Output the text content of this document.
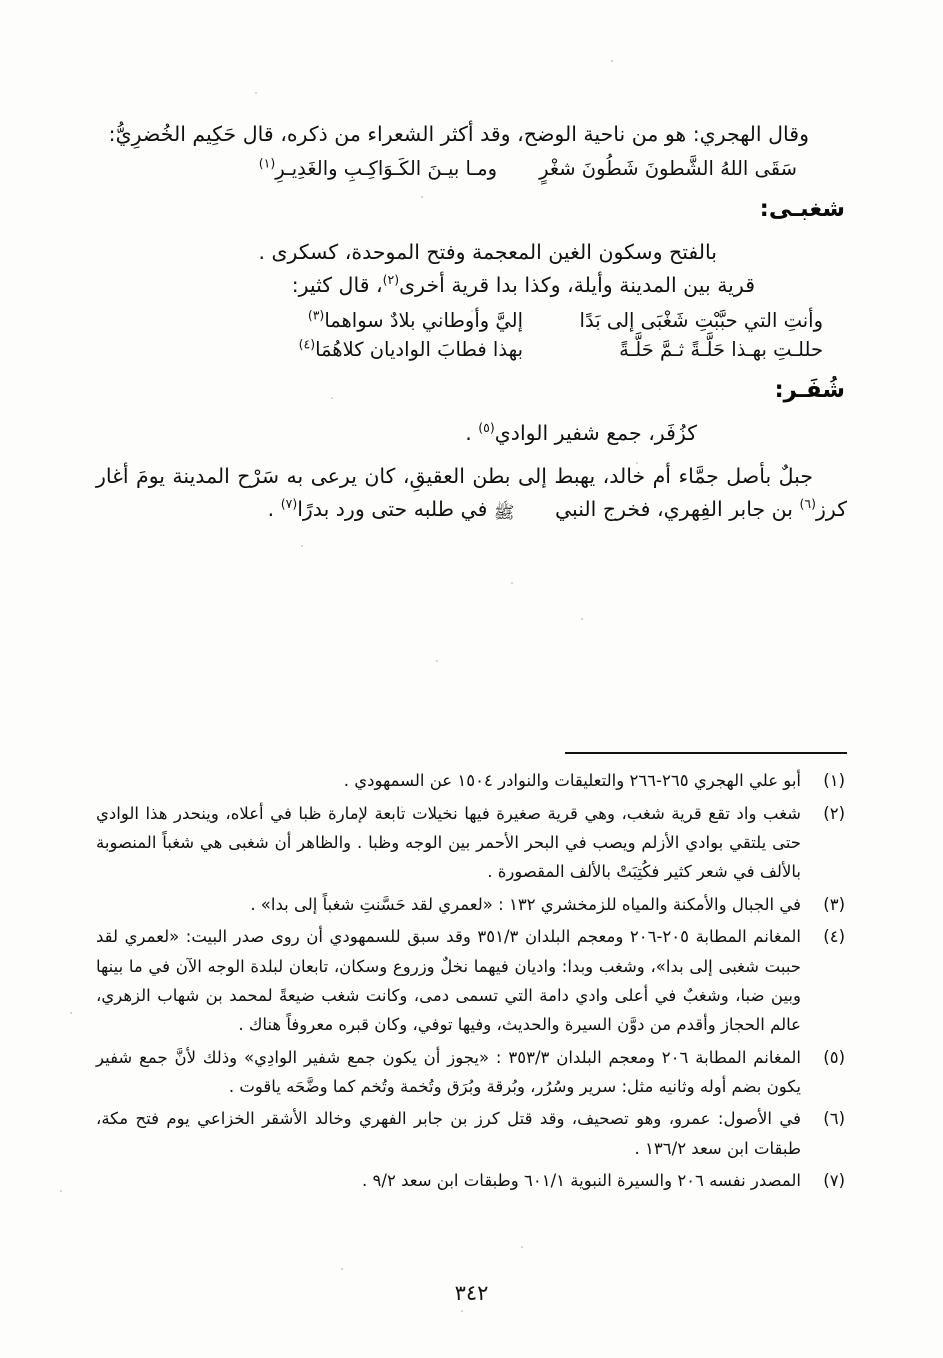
وقال الهجري: هو من ناحية الوضح، وقد أكثر الشعراء من ذكره، قال حَكِيم الخُضرِيُّ:

سَقَى اللهُ الشَّطونَ شَطُونَ شغْرٍ
ومـا بيـنَ الكَـوَاكِـبِ والغَدِيـرِ$^{(١)}$
شغبـى:

بالفتح وسكون الغين المعجمة وفتح الموحدة، كسكرى .

قرية بين المدينة وأيلة، وكذا بدا قرية أخرى$^{(٢)}$، قال كثير:

وأنتِ التي حبَّبْتِ شَغْبَى إلى بَدًا
إليَّ وأوطاني بلادٌ سواهما$^{(٣)}$
حللـتِ بهـذا حَلَّـةً ثـمَّ حَلَّـةً
بهذا فطابَ الواديان كلاهُمَا$^{(٤)}$
شُفَـر:

كزُفَر، جمع شفير الوادي$^{(٥)}$ .

جبلٌ بأصل جمَّاء أم خالد، يهبط إلى بطن العقيقِ، كان يرعى به سَرْح المدينة يومَ أغار كرز$^{(٦)}$ بن جابر الفِهري، فخرج النبي ﷺ في طلبه حتى ورد بدرًا$^{(٧)}$ .

(١)
أبو علي الهجري ٢٦٥-٢٦٦ والتعليقات والنوادر ١٥٠٤ عن السمهودي .
(٢)
شغب واد تقع قرية شغب، وهي قرية صغيرة فيها نخيلات تابعة لإمارة ظبا في أعلاه، وينحدر هذا الوادي حتى يلتقي بوادي الأزلم ويصب في البحر الأحمر بين الوجه وظبا . والظاهر أن شغبى هي شغباً المنصوبة بالألف في شعر كثير فكُتِبَتْ بالألف المقصورة .
(٣)
في الجبال والأمكنة والمياه للزمخشري ١٣٢ : «لعمري لقد حَسَّنتِ شغباً إلى بدا» .
(٤)
المغانم المطابة ٢٠٥-٢٠٦ ومعجم البلدان ٣٥١/٣ وقد سبق للسمهودي أن روى صدر البيت: «لعمري لقد حببت شغبى إلى بدا»، وشغب وبدا: واديان فيهما نخلٌ وزروع وسكان، تابعان لبلدة الوجه الآن في ما بينها وبين ضبا، وشغبٌ في أعلى وادي دامة التي تسمى دمى، وكانت شغب ضيعةً لمحمد بن شهاب الزهري، عالم الحجاز وأقدم من دوَّن السيرة والحديث، وفيها توفي، وكان قبره معروفاً هناك .
(٥)
المغانم المطابة ٢٠٦ ومعجم البلدان ٣٥٣/٣ : «يجوز أن يكون جمع شفير الوادِي» وذلك لأنَّ جمع شفير يكون بضم أوله وثانيه مثل: سرير وسُرُر، وبُرقة وبُرَق وتُخمة وتُخم كما وضَّحَه ياقوت .
(٦)
في الأصول: عمرو، وهو تصحيف، وقد قتل كرز بن جابر الفهري وخالد الأشقر الخزاعي يوم فتح مكة، طبقات ابن سعد ١٣٦/٢ .
(٧)
المصدر نفسه ٢٠٦ والسيرة النبوية ٦٠١/١ وطبقات ابن سعد ٩/٢ .
٣٤٢
